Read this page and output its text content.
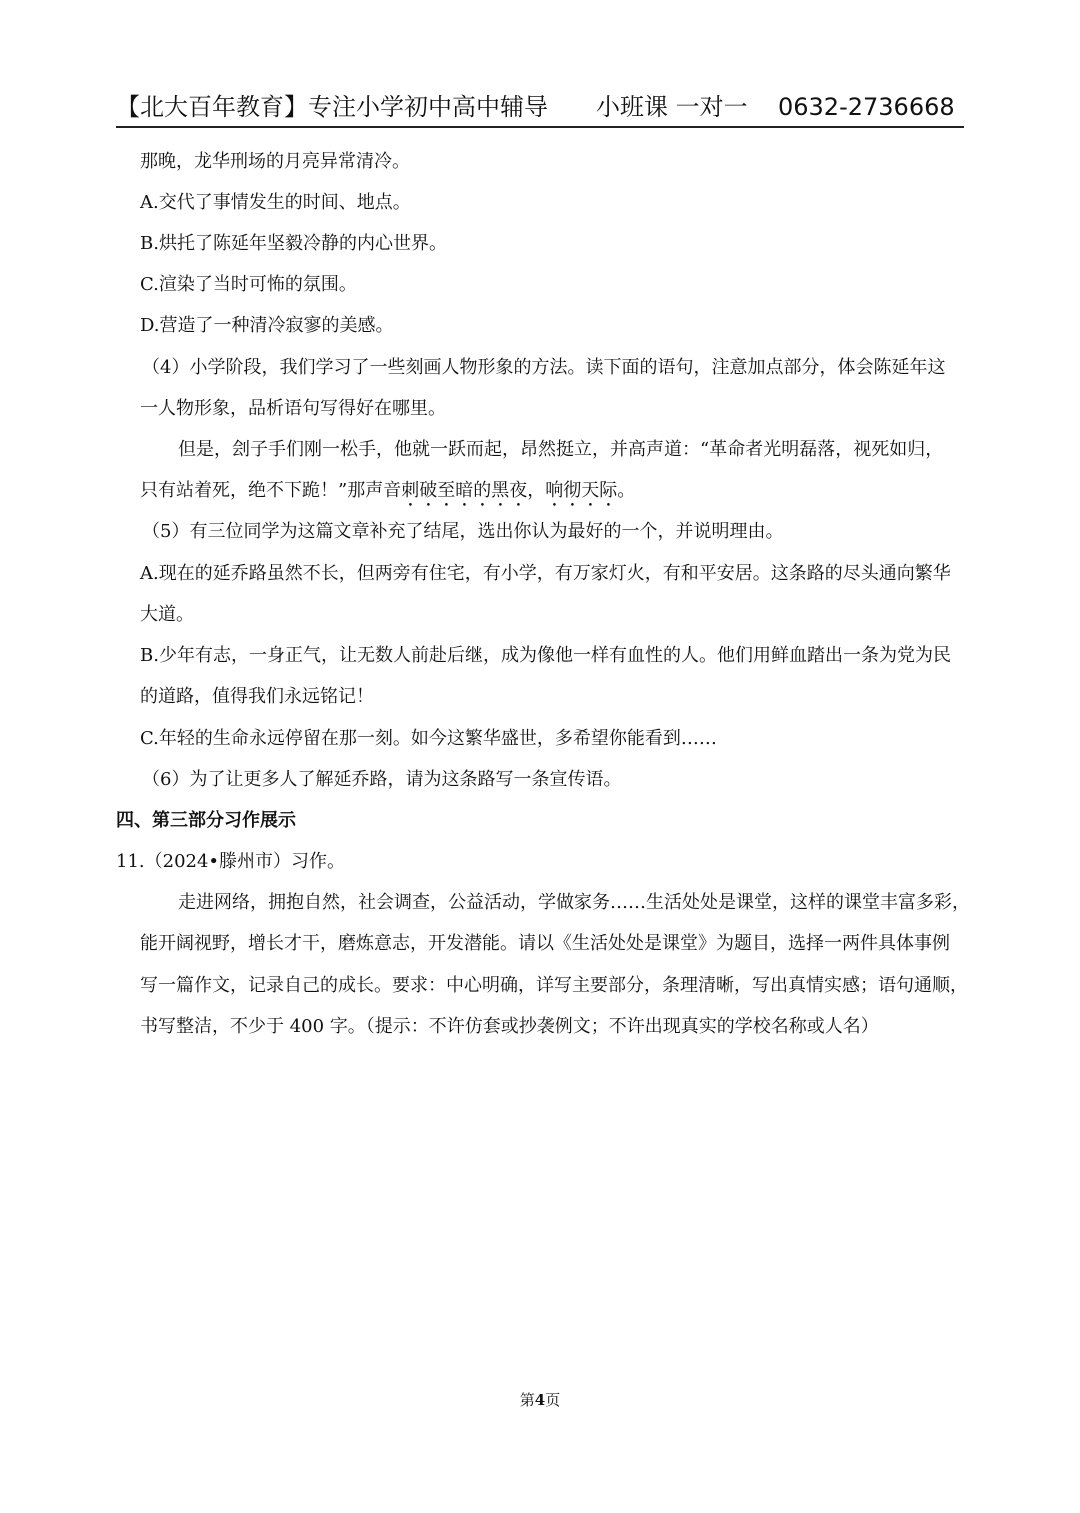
【北大百年教育】专注小学初中高中辅导 小班课 一对一 0632-2736668
那晚，龙华刑场的月亮异常清冷。
A.交代了事情发生的时间、地点。
B.烘托了陈延年坚毅冷静的内心世界。
C.渲染了当时可怖的氛围。
D.营造了一种清冷寂寥的美感。
（4）小学阶段，我们学习了一些刻画人物形象的方法。读下面的语句，注意加点部分，体会陈延年这
一人物形象，品析语句写得好在哪里。
但是，刽子手们刚一松手，他就一跃而起，昂然挺立，并高声道：“革命者光明磊落，视死如归，
只有站着死，绝不下跪！”那声音刺破至暗的黑夜，响彻天际。
（5）有三位同学为这篇文章补充了结尾，选出你认为最好的一个，并说明理由。
A.现在的延乔路虽然不长，但两旁有住宅，有小学，有万家灯火，有和平安居。这条路的尽头通向繁华
大道。
B.少年有志，一身正气，让无数人前赴后继，成为像他一样有血性的人。他们用鲜血踏出一条为党为民
的道路，值得我们永远铭记！
C.年轻的生命永远停留在那一刻。如今这繁华盛世，多希望你能看到……
（6）为了让更多人了解延乔路，请为这条路写一条宣传语。
四、第三部分习作展示
11.（2024•滕州市）习作。
走进网络，拥抱自然，社会调查，公益活动，学做家务……生活处处是课堂，这样的课堂丰富多彩，
能开阔视野，增长才干，磨炼意志，开发潜能。请以《生活处处是课堂》为题目，选择一两件具体事例
写一篇作文，记录自己的成长。要求：中心明确，详写主要部分，条理清晰，写出真情实感；语句通顺，
书写整洁，不少于 400 字。（提示：不许仿套或抄袭例文；不许出现真实的学校名称或人名）
第4页
